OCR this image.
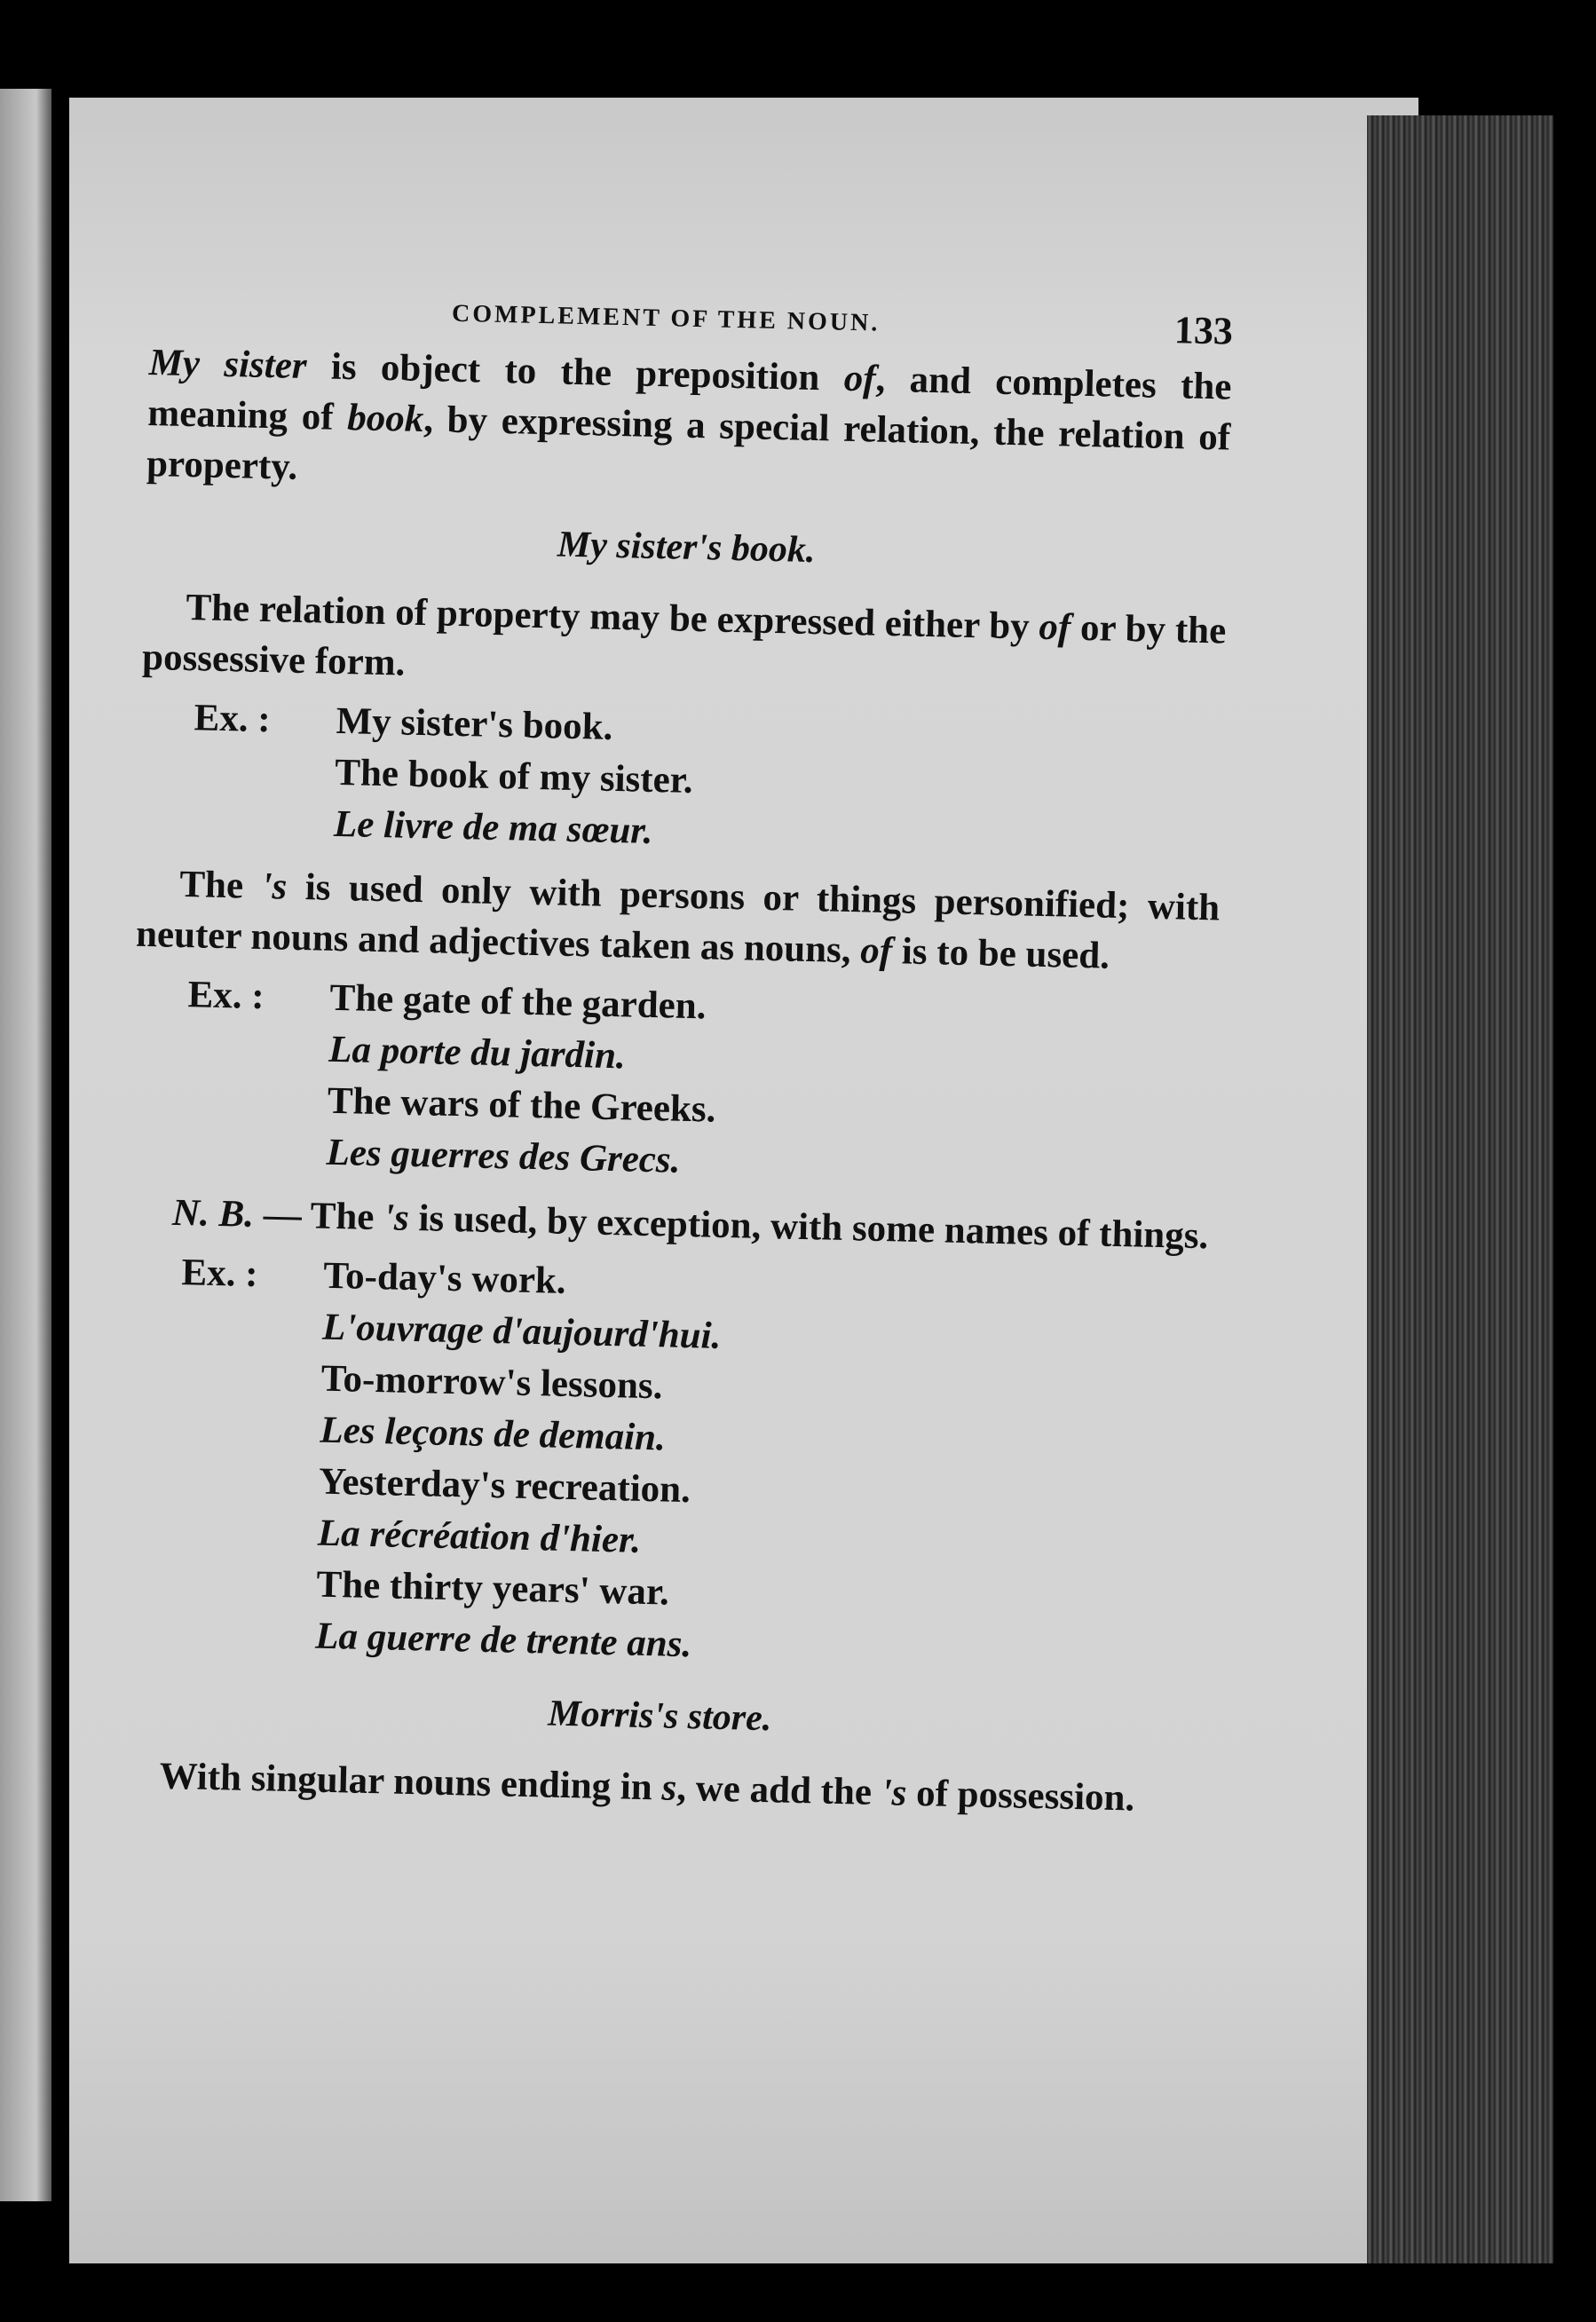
COMPLEMENT OF THE NOUN.	133

My sister is object to the preposition of, and completes the meaning of book, by expressing a special relation, the relation of property.

My sister's book.

The relation of property may be expressed either by of or by the possessive form.

Ex. :	My sister's book.
The book of my sister.
Le livre de ma sœur.

The 's is used only with persons or things personified; with neuter nouns and adjectives taken as nouns, of is to be used.

Ex. :	The gate of the garden.
La porte du jardin.
The wars of the Greeks.
Les guerres des Grecs.

N. B. — The 's is used, by exception, with some names of things.

Ex. :	To-day's work.
L'ouvrage d'aujourd'hui.
To-morrow's lessons.
Les leçons de demain.
Yesterday's recreation.
La récréation d'hier.
The thirty years' war.
La guerre de trente ans.
Morris's store.

With singular nouns ending in s, we add the 's of possession.
